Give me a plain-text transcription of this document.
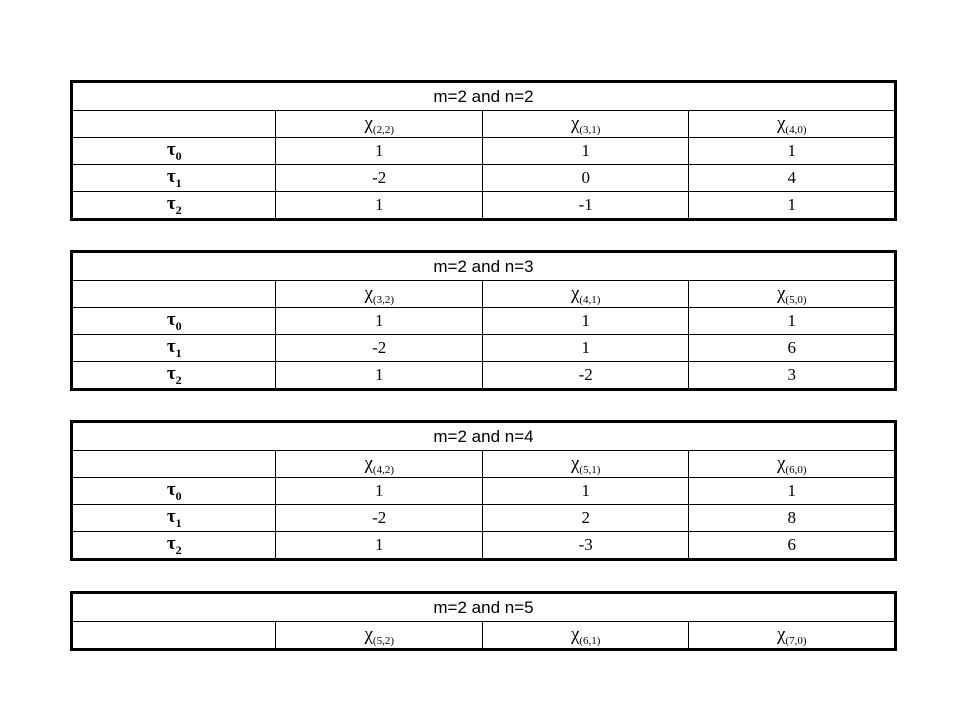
m=2 and n=2			
	$\chi_{(2,2)}$	$\chi_{(3,1)}$	$\chi_{(4,0)}$
$\tau_0$	1	1	1
$\tau_1$	-2	0	4
$\tau_2$	1	-1	1
m=2 and n=3			
	$\chi_{(3,2)}$	$\chi_{(4,1)}$	$\chi_{(5,0)}$
$\tau_0$	1	1	1
$\tau_1$	-2	1	6
$\tau_2$	1	-2	3
m=2 and n=4			
	$\chi_{(4,2)}$	$\chi_{(5,1)}$	$\chi_{(6,0)}$
$\tau_0$	1	1	1
$\tau_1$	-2	2	8
$\tau_2$	1	-3	6
m=2 and n=5
	$\chi_{(5,2)}$	$\chi_{(6,1)}$	$\chi_{(7,0)}$
